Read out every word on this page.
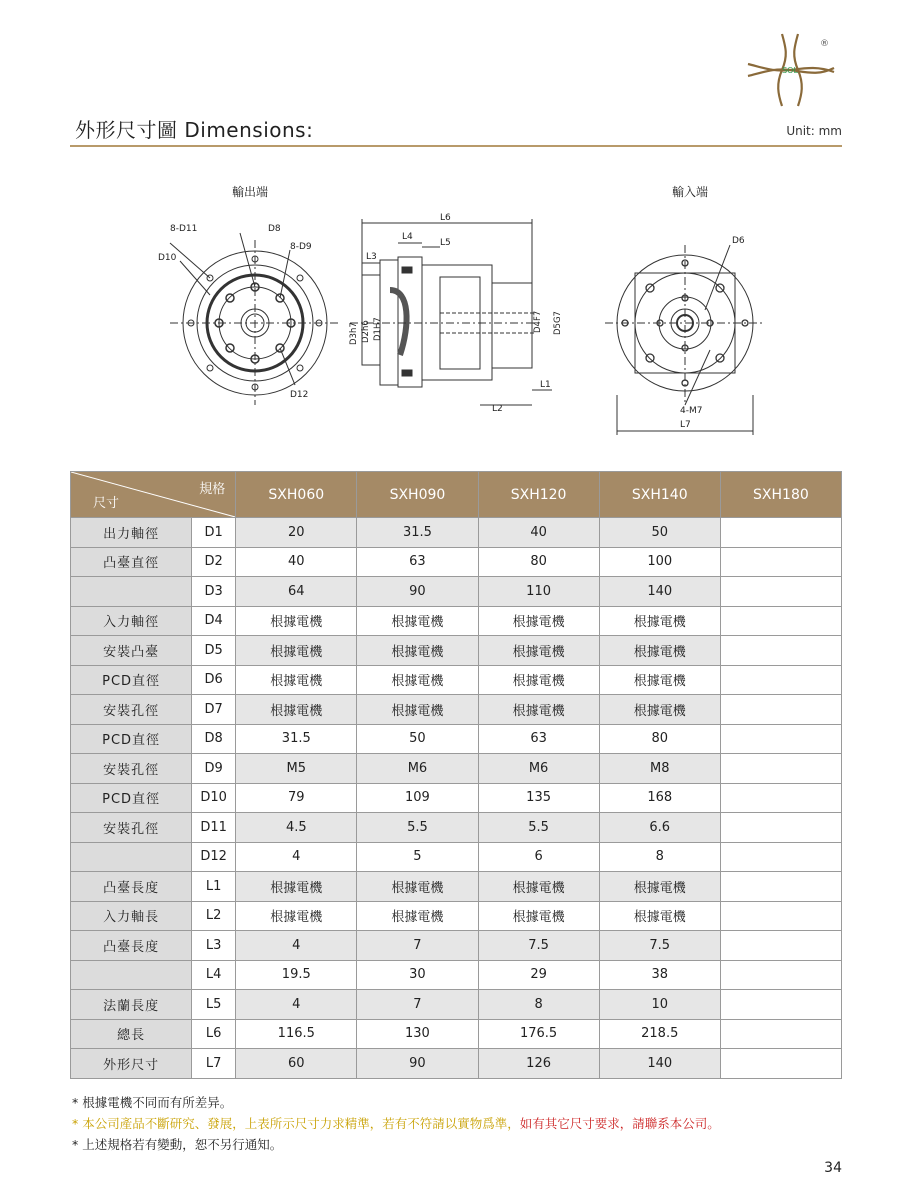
SOL
®
外形尺寸圖 Dimensions:	Unit: mm
輸出端	輸入端
8-D11	D8
8-D9
D10
D12
L6
L4
L5
L3
D3h7 D2h6 D1H7	D4F7 D5G7
L1
L2
D6
4-M7
L7
規格
尺寸		SXH060	SXH090	SXH120	SXH140	SXH180
出力軸徑	D1	20	31.5	40	50	
凸臺直徑	D2	40	63	80	100	
	D3	64	90	110	140	
入力軸徑	D4	根據電機	根據電機	根據電機	根據電機	
安裝凸臺	D5	根據電機	根據電機	根據電機	根據電機	
PCD直徑	D6	根據電機	根據電機	根據電機	根據電機	
安裝孔徑	D7	根據電機	根據電機	根據電機	根據電機	
PCD直徑	D8	31.5	50	63	80	
安裝孔徑	D9	M5	M6	M6	M8	
PCD直徑	D10	79	109	135	168	
安裝孔徑	D11	4.5	5.5	5.5	6.6	
	D12	4	5	6	8	
凸臺長度	L1	根據電機	根據電機	根據電機	根據電機	
入力軸長	L2	根據電機	根據電機	根據電機	根據電機	
凸臺長度	L3	4	7	7.5	7.5	
	L4	19.5	30	29	38	
法蘭長度	L5	4	7	8	10	
總長	L6	116.5	130	176.5	218.5	
外形尺寸	L7	60	90	126	140	
* 根據電機不同而有所差异。
* 本公司產品不斷研究、發展，上表所示尺寸力求精準，若有不符請以實物爲準，如有其它尺寸要求，請聯系本公司。
* 上述規格若有變動，恕不另行通知。
34
